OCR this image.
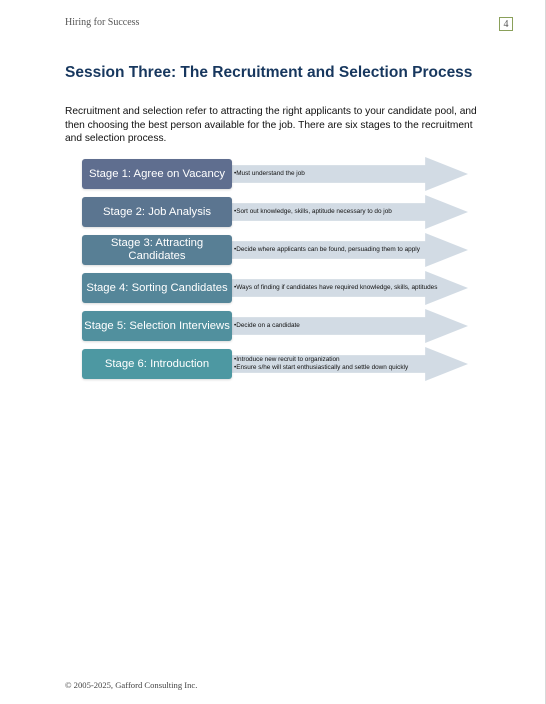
Hiring for Success	4
Session Three: The Recruitment and Selection Process
Recruitment and selection refer to attracting the right applicants to your candidate pool, and then choosing the best person available for the job. There are six stages to the recruitment and selection process.
Stage 1: Agree on Vacancy •Must understand the job
Stage 2: Job Analysis	•Sort out knowledge, skills, aptitude necessary to do job
Stage 3: Attracting Candidates
•Decide where applicants can be found, persuading them to apply
Stage 4: Sorting Candidates •Ways of finding if candidates have required knowledge, skills, aptitudes
Stage 5: Selection Interviews •Decide on a candidate
Stage 6: Introduction	•Introduce new recruit to organization
•Ensure s/he will start enthusiastically and settle down quickly
© 2005-2025, Gafford Consulting Inc.
